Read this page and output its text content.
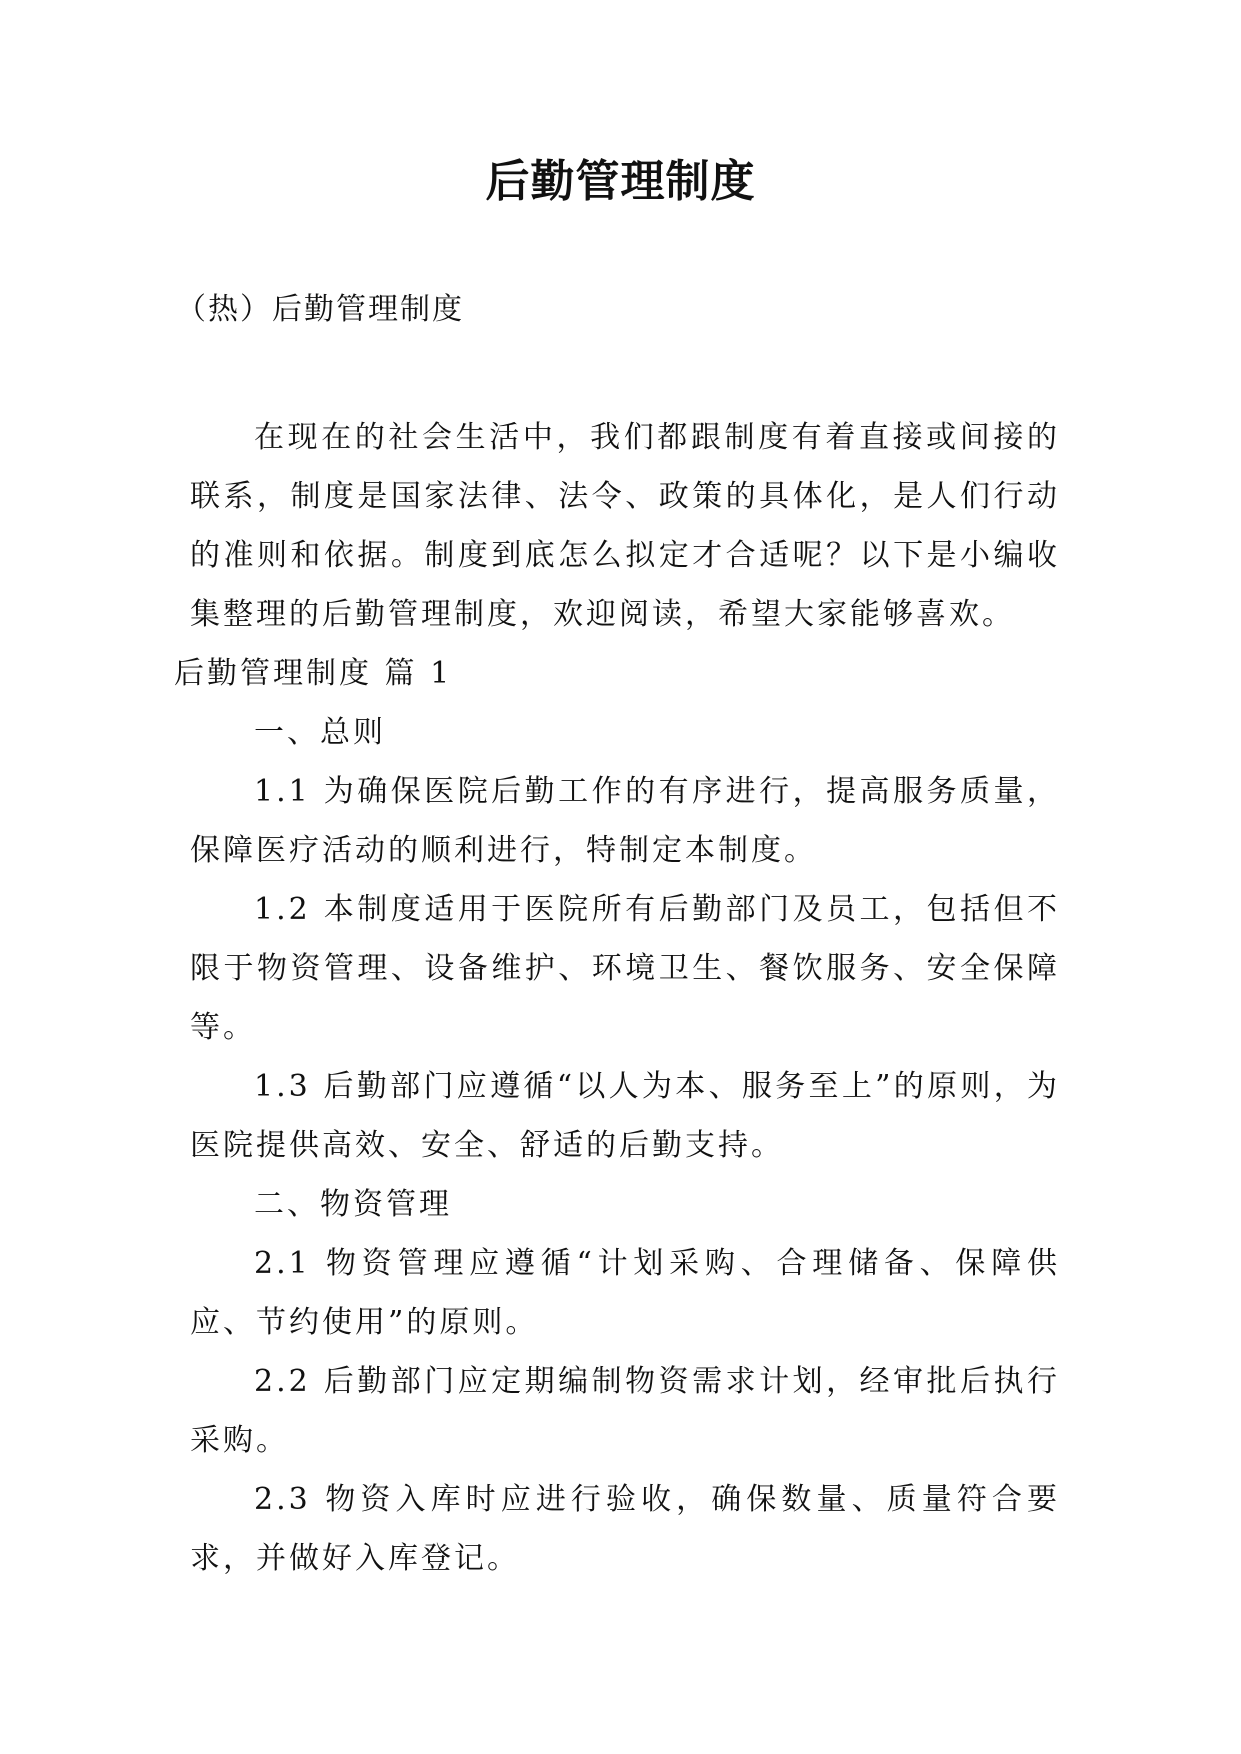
后勤管理制度
（热）后勤管理制度

在现在的社会生活中，我们都跟制度有着直接或间接的联系，制度是国家法律、法令、政策的具体化，是人们行动的准则和依据。制度到底怎么拟定才合适呢？以下是小编收集整理的后勤管理制度，欢迎阅读，希望大家能够喜欢。

后勤管理制度 篇 1

一、总则

1.1 为确保医院后勤工作的有序进行，提高服务质量，保障医疗活动的顺利进行，特制定本制度。

1.2 本制度适用于医院所有后勤部门及员工，包括但不限于物资管理、设备维护、环境卫生、餐饮服务、安全保障等。

1.3 后勤部门应遵循“以人为本、服务至上”的原则，为医院提供高效、安全、舒适的后勤支持。

二、物资管理

2.1 物资管理应遵循“计划采购、合理储备、保障供应、节约使用”的原则。

2.2 后勤部门应定期编制物资需求计划，经审批后执行采购。

2.3 物资入库时应进行验收，确保数量、质量符合要求，并做好入库登记。
